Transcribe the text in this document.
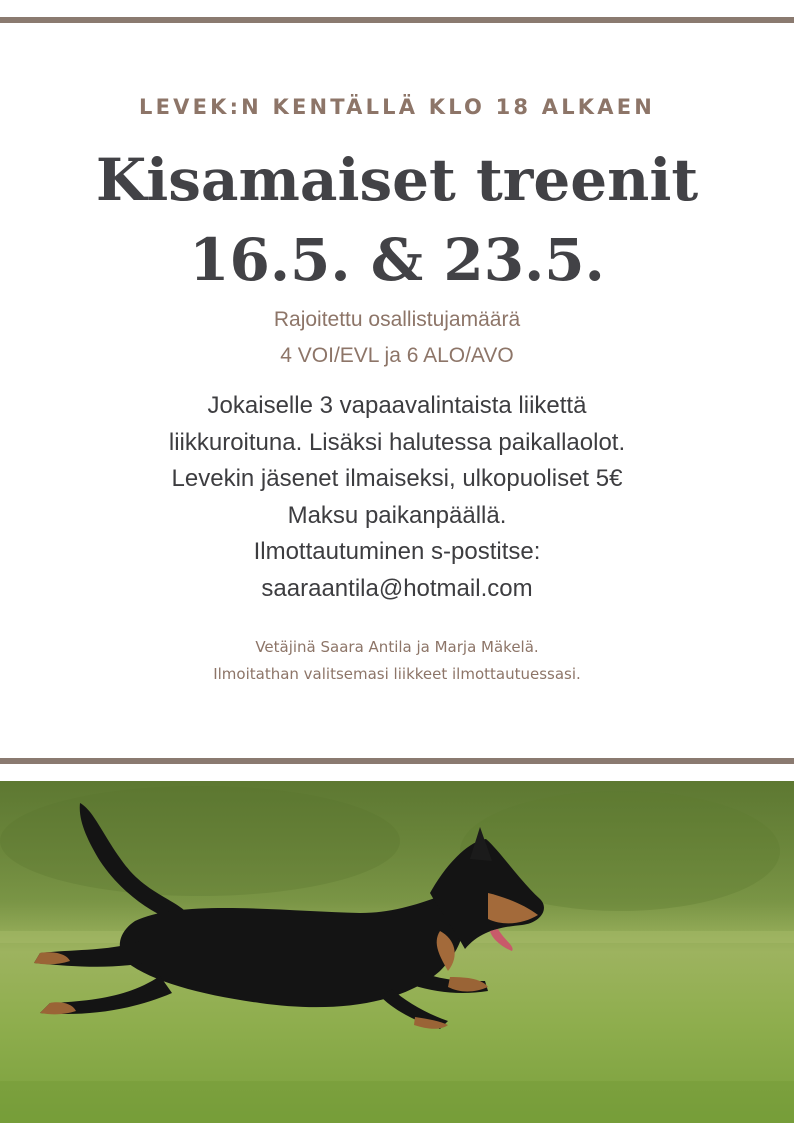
LEVEK:N KENTÄLLÄ KLO 18 ALKAEN
Kisamaiset treenit
16.5. & 23.5.
Rajoitettu osallistujamäärä
4 VOI/EVL ja 6 ALO/AVO
Jokaiselle 3 vapaavalintaista liikettä
liikkuroituna. Lisäksi halutessa paikallaolot.
Levekin jäsenet ilmaiseksi, ulkopuoliset 5€
Maksu paikanpäällä.
Ilmottautuminen s-postitse:
saaraantila@hotmail.com
Vetäjinä Saara Antila ja Marja Mäkelä.
Ilmoitathan valitsemasi liikkeet ilmottautuessasi.
